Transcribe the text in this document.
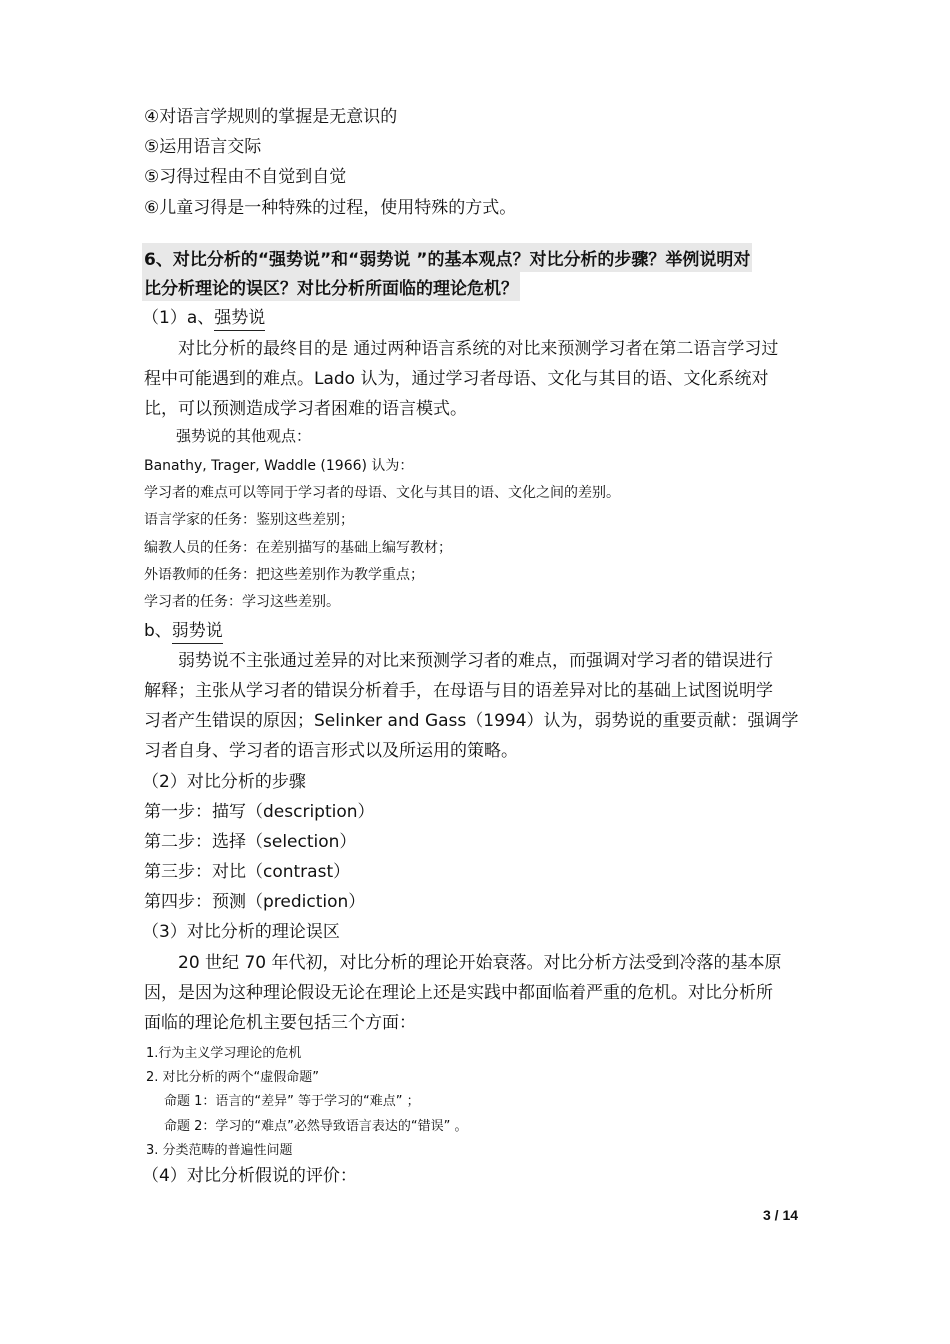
④对语言学规则的掌握是无意识的
⑤运用语言交际
⑤习得过程由不自觉到自觉
⑥儿童习得是一种特殊的过程，使用特殊的方式。
6、对比分析的“强势说”和“弱势说 ”的基本观点？对比分析的步骤？举例说明对
比分析理论的误区？对比分析所面临的理论危机？
（1）a、强势说
对比分析的最终目的是 通过两种语言系统的对比来预测学习者在第二语言学习过
程中可能遇到的难点。Lado 认为，通过学习者母语、文化与其目的语、文化系统对
比，可以预测造成学习者困难的语言模式。
强势说的其他观点：
Banathy, Trager, Waddle (1966) 认为：
学习者的难点可以等同于学习者的母语、文化与其目的语、文化之间的差别。
语言学家的任务：鉴别这些差别；
编教人员的任务：在差别描写的基础上编写教材；
外语教师的任务：把这些差别作为教学重点；
学习者的任务：学习这些差别。
b、弱势说
弱势说不主张通过差异的对比来预测学习者的难点，而强调对学习者的错误进行
解释；主张从学习者的错误分析着手，在母语与目的语差异对比的基础上试图说明学
习者产生错误的原因；Selinker and Gass（1994）认为，弱势说的重要贡献：强调学
习者自身、学习者的语言形式以及所运用的策略。
（2）对比分析的步骤
第一步：描写（description）
第二步：选择（selection）
第三步：对比（contrast）
第四步：预测（prediction）
（3）对比分析的理论误区
20 世纪 70 年代初，对比分析的理论开始衰落。对比分析方法受到冷落的基本原
因，是因为这种理论假设无论在理论上还是实践中都面临着严重的危机。对比分析所
面临的理论危机主要包括三个方面：
1.行为主义学习理论的危机
2. 对比分析的两个“虚假命题”
命题 1：语言的“差异” 等于学习的“难点” ；
命题 2：学习的“难点”必然导致语言表达的“错误” 。
3. 分类范畴的普遍性问题
（4）对比分析假说的评价：
3 / 14
